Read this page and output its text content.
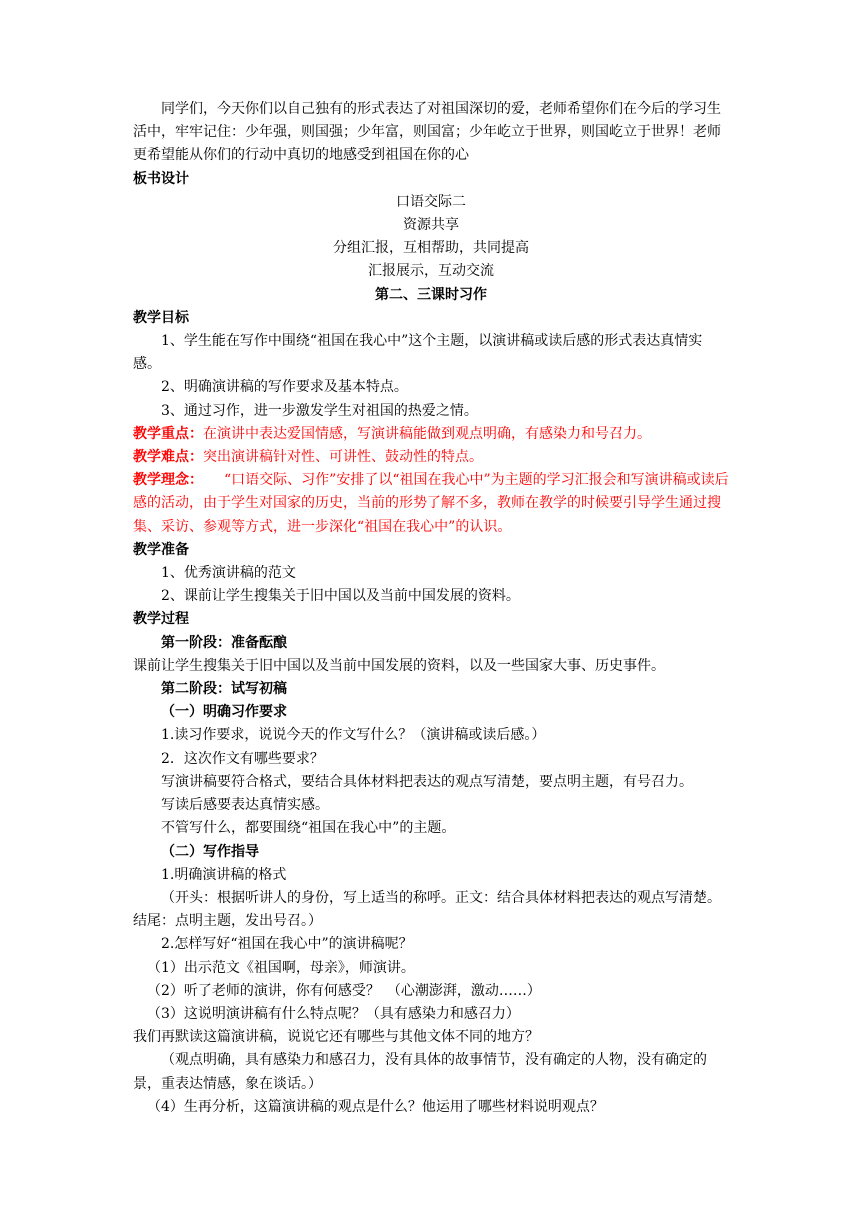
同学们，今天你们以自己独有的形式表达了对祖国深切的爱，老师希望你们在今后的学习生活中，牢牢记住：少年强，则国强；少年富，则国富；少年屹立于世界，则国屹立于世界！老师更希望能从你们的行动中真切的地感受到祖国在你的心

板书设计

口语交际二

资源共享

分组汇报，互相帮助，共同提高

汇报展示，互动交流

第二、三课时习作

教学目标

1、学生能在写作中围绕“祖国在我心中”这个主题，以演讲稿或读后感的形式表达真情实感。

2、明确演讲稿的写作要求及基本特点。

3、通过习作，进一步激发学生对祖国的热爱之情。

教学重点：在演讲中表达爱国情感，写演讲稿能做到观点明确，有感染力和号召力。

教学难点：突出演讲稿针对性、可讲性、鼓动性的特点。

教学理念：　　“口语交际、习作”安排了以“祖国在我心中”为主题的学习汇报会和写演讲稿或读后感的活动，由于学生对国家的历史，当前的形势了解不多，教师在教学的时候要引导学生通过搜集、采访、参观等方式，进一步深化“祖国在我心中”的认识。

教学准备

1、优秀演讲稿的范文

2、课前让学生搜集关于旧中国以及当前中国发展的资料。

教学过程

第一阶段：准备酝酿

课前让学生搜集关于旧中国以及当前中国发展的资料，以及一些国家大事、历史事件。

第二阶段：试写初稿

（一）明确习作要求

1.读习作要求，说说今天的作文写什么？（演讲稿或读后感。）

2．这次作文有哪些要求？

写演讲稿要符合格式，要结合具体材料把表达的观点写清楚，要点明主题，有号召力。

写读后感要表达真情实感。

不管写什么，都要围绕“祖国在我心中”的主题。

（二）写作指导

1.明确演讲稿的格式

（开头：根据听讲人的身份，写上适当的称呼。正文：结合具体材料把表达的观点写清楚。结尾：点明主题，发出号召。）

2.怎样写好“祖国在我心中”的演讲稿呢？

（1）出示范文《祖国啊，母亲》，师演讲。

（2）听了老师的演讲，你有何感受？　（心潮澎湃，激动……）

（3）这说明演讲稿有什么特点呢？（具有感染力和感召力）

我们再默读这篇演讲稿，说说它还有哪些与其他文体不同的地方？

（观点明确，具有感染力和感召力，没有具体的故事情节，没有确定的人物，没有确定的景，重表达情感，象在谈话。）

（4）生再分析，这篇演讲稿的观点是什么？他运用了哪些材料说明观点？
